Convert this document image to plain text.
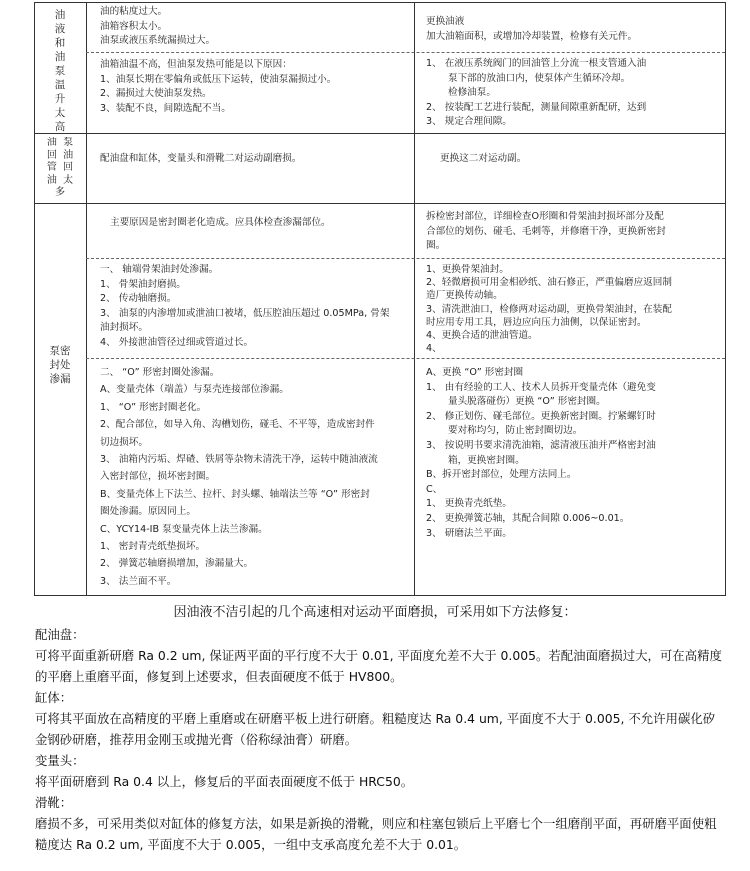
油
液
和
油
泵
温
升
太
高

油的粘度过大。

油箱容积太小。

油泵或液压系统漏损过大。

更换油液

加大油箱面积，或增加冷却装置，检修有关元件。

油箱油温不高，但油泵发热可能是以下原因：

1、油泵长期在零偏角或低压下运转，使油泵漏损过小。

2、漏损过大使油泵发热。

3、装配不良，间隙选配不当。

1、 在液压系统阀门的回油管上分流一根支管通入油

泵下部的放油口内，使泵体产生循环冷却。

检修油泵。

2、 按装配工艺进行装配，测量间隙重新配研，达到

3、 规定合理间隙。

油  泵
回  油
管  回
油  太
多

配油盘和缸体，变量头和滑靴二对运动副磨损。	更换这二对运动副。

泵密
封处
渗漏

主要原因是密封圈老化造成。应具体检查渗漏部位。

拆检密封部位，详细检查O形圈和骨架油封损坏部分及配

合部位的划伤、碰毛、毛刺等，并修磨干净，更换新密封

圈。

一、 轴端骨架油封处渗漏。

1、 骨架油封磨损。

2、 传动轴磨损。

3、 油泵的内渗增加或泄油口被堵，低压腔油压超过 0.05MPa, 骨架

油封损坏。

4、 外接泄油管径过细或管道过长。

1、更换骨架油封。

2、轻微磨损可用金相砂纸、油石修正，严重偏磨应返回制

造厂更换传动轴。

3、清洗泄油口，检修两对运动副，更换骨架油封，在装配

时应用专用工具，唇边应向压力油侧，以保证密封。

4、更换合适的泄油管道。

4、

二、 “O” 形密封圈处渗漏。

A、变量壳体（端盖）与泵壳连接部位渗漏。

1、 “O” 形密封圈老化。

2、配合部位，如导入角、沟槽划伤，碰毛、不平等，造成密封件

切边损坏。

3、 油箱内污垢、焊碴、铁屑等杂物未清洗干净，运转中随油液流

入密封部位，损坏密封圈。

B、变量壳体上下法兰、拉杆、封头螺、轴端法兰等 “O” 形密封

圈处渗漏。原因同上。

C、YCY14-IB 泵变量壳体上法兰渗漏。

1、 密封青壳纸垫损坏。

2、 弹簧芯轴磨损增加，渗漏量大。

3、 法兰面不平。

A、更换 “O” 形密封圈

1、 由有经验的工人、技术人员拆开变量壳体（避免变

量头脱落碰伤）更换 “O” 形密封圈。

2、 修正划伤、碰毛部位。更换新密封圈。拧紧螺钉时

要对称均匀，防止密封圈切边。

3、 按说明书要求清洗油箱，滤清液压油并严格密封油

箱，更换密封圈。

B、拆开密封部位，处理方法同上。

C、

1、 更换青壳纸垫。

2、 更换弹簧芯轴，其配合间隙 0.006~0.01。

3、 研磨法兰平面。

因油液不洁引起的几个高速相对运动平面磨损，可采用如下方法修复：
配油盘：
可将平面重新研磨 Ra 0.2 um, 保证两平面的平行度不大于 0.01, 平面度允差不大于 0.005。若配油面磨损过大，可在高精度的平磨上重磨平面，修复到上述要求，但表面硬度不低于 HV800。
缸体：
可将其平面放在高精度的平磨上重磨或在研磨平板上进行研磨。粗糙度达 Ra 0.4 um, 平面度不大于 0.005, 不允许用碳化矽金钢砂研磨，推荐用金刚玉或抛光膏（俗称绿油膏）研磨。
变量头：
将平面研磨到 Ra 0.4 以上，修复后的平面表面硬度不低于 HRC50。
滑靴：
磨损不多，可采用类似对缸体的修复方法，如果是新换的滑靴，则应和柱塞包锁后上平磨七个一组磨削平面，再研磨平面使粗糙度达 Ra 0.2 um, 平面度不大于 0.005，一组中支承高度允差不大于 0.01。
